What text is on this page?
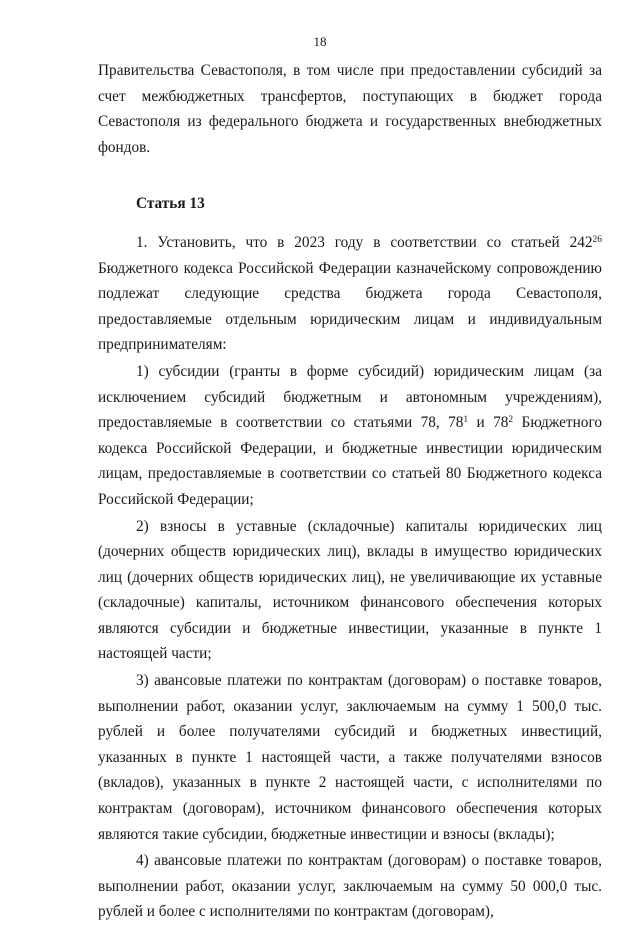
18

Правительства Севастополя, в том числе при предоставлении субсидий за счет межбюджетных трансфертов, поступающих в бюджет города Севастополя из федерального бюджета и государственных внебюджетных фондов.

Статья 13

1. Установить, что в 2023 году в соответствии со статьей $242^{26}$ Бюджетного кодекса Российской Федерации казначейскому сопровождению подлежат следующие средства бюджета города Севастополя, предоставляемые отдельным юридическим лицам и индивидуальным предпринимателям:

1) субсидии (гранты в форме субсидий) юридическим лицам (за исключением субсидий бюджетным и автономным учреждениям), предоставляемые в соответствии со статьями 78, $78^1$ и $78^2$ Бюджетного кодекса Российской Федерации, и бюджетные инвестиции юридическим лицам, предоставляемые в соответствии со статьей 80 Бюджетного кодекса Российской Федерации;

2) взносы в уставные (складочные) капиталы юридических лиц (дочерних обществ юридических лиц), вклады в имущество юридических лиц (дочерних обществ юридических лиц), не увеличивающие их уставные (складочные) капиталы, источником финансового обеспечения которых являются субсидии и бюджетные инвестиции, указанные в пункте 1 настоящей части;

3) авансовые платежи по контрактам (договорам) о поставке товаров, выполнении работ, оказании услуг, заключаемым на сумму 1 500,0 тыс. рублей и более получателями субсидий и бюджетных инвестиций, указанных в пункте 1 настоящей части, а также получателями взносов (вкладов), указанных в пункте 2 настоящей части, с исполнителями по контрактам (договорам), источником финансового обеспечения которых являются такие субсидии, бюджетные инвестиции и взносы (вклады);

4) авансовые платежи по контрактам (договорам) о поставке товаров, выполнении работ, оказании услуг, заключаемым на сумму 50 000,0 тыс. рублей и более с исполнителями по контрактам (договорам),
